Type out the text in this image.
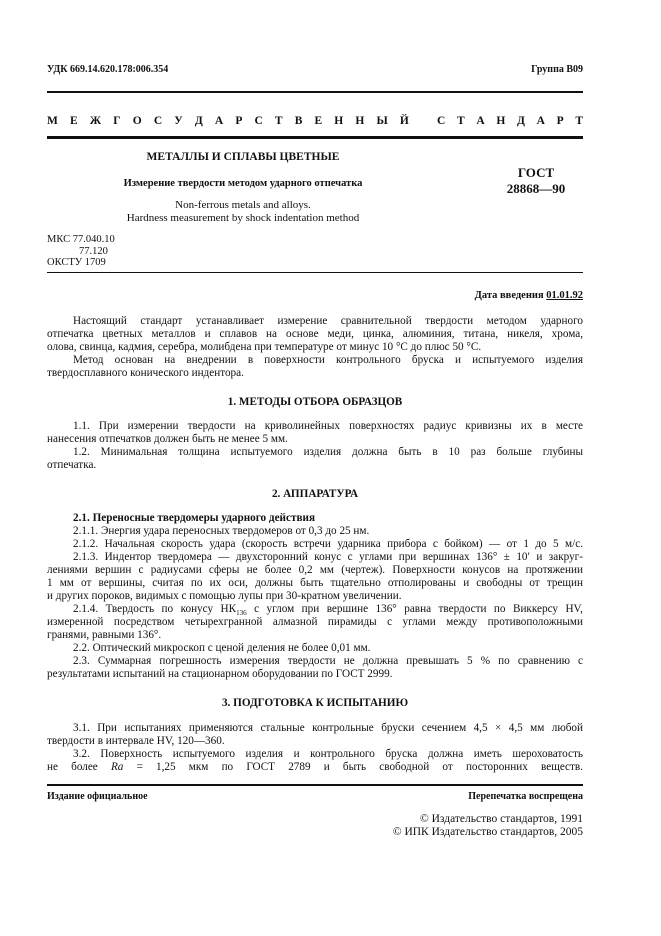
УДК 669.14.620.178:006.354	Группа В09
М Е Ж Г О С У Д А Р С Т В Е Н Н Ы Й С Т А Н Д А Р Т
МЕТАЛЛЫ И СПЛАВЫ ЦВЕТНЫЕ
Измерение твердости методом ударного отпечатка
Non-ferrous metals and alloys.
Hardness measurement by shock indentation method
ГОСТ
28868—90
МКС 77.040.10
77.120
ОКСТУ 1709
Дата введения 01.01.92
Настоящий стандарт устанавливает измерение сравнительной твердости методом ударного
отпечатка цветных металлов и сплавов на основе меди, цинка, алюминия, титана, никеля, хрома,
олова, свинца, кадмия, серебра, молибдена при температуре от минус 10 °С до плюс 50 °С.
Метод основан на внедрении в поверхности контрольного бруска и испытуемого изделия
твердосплавного конического индентора.
1. МЕТОДЫ ОТБОРА ОБРАЗЦОВ
1.1. При измерении твердости на криволинейных поверхностях радиус кривизны их в месте
нанесения отпечатков должен быть не менее 5 мм.
1.2. Минимальная толщина испытуемого изделия должна быть в 10 раз больше глубины
отпечатка.
2. АППАРАТУРА
2.1. Переносные твердомеры ударного действия
2.1.1. Энергия удара переносных твердомеров от 0,3 до 25 нм.
2.1.2. Начальная скорость удара (скорость встречи ударника прибора с бойком) — от 1 до 5 м/с.
2.1.3. Индентор твердомера — двухсторонний конус с углами при вершинах 136° ± 10′ и закруг-
лениями вершин с радиусами сферы не более 0,2 мм (чертеж). Поверхности конусов на протяжении
1 мм от вершины, считая по их оси, должны быть тщательно отполированы и свободны от трещин
и других пороков, видимых с помощью лупы при 30-кратном увеличении.
2.1.4. Твердость по конусу $НК_{136}$ с углом при вершине 136° равна твердости по Виккерсу HV,
измеренной посредством четырехгранной алмазной пирамиды с углами между противоположными
гранями, равными 136°.
2.2. Оптический микроскоп с ценой деления не более 0,01 мм.
2.3. Суммарная погрешность измерения твердости не должна превышать 5 % по сравнению с
результатами испытаний на стационарном оборудовании по ГОСТ 2999.
3. ПОДГОТОВКА К ИСПЫТАНИЮ
3.1. При испытаниях применяются стальные контрольные бруски сечением 4,5 × 4,5 мм любой
твердости в интервале HV, 120—360.
3.2. Поверхность испытуемого изделия и контрольного бруска должна иметь шероховатость
не более Ra = 1,25 мкм по ГОСТ 2789 и быть свободной от посторонних веществ.
Издание официальное	Перепечатка воспрещена
© Издательство стандартов, 1991
© ИПК Издательство стандартов, 2005
